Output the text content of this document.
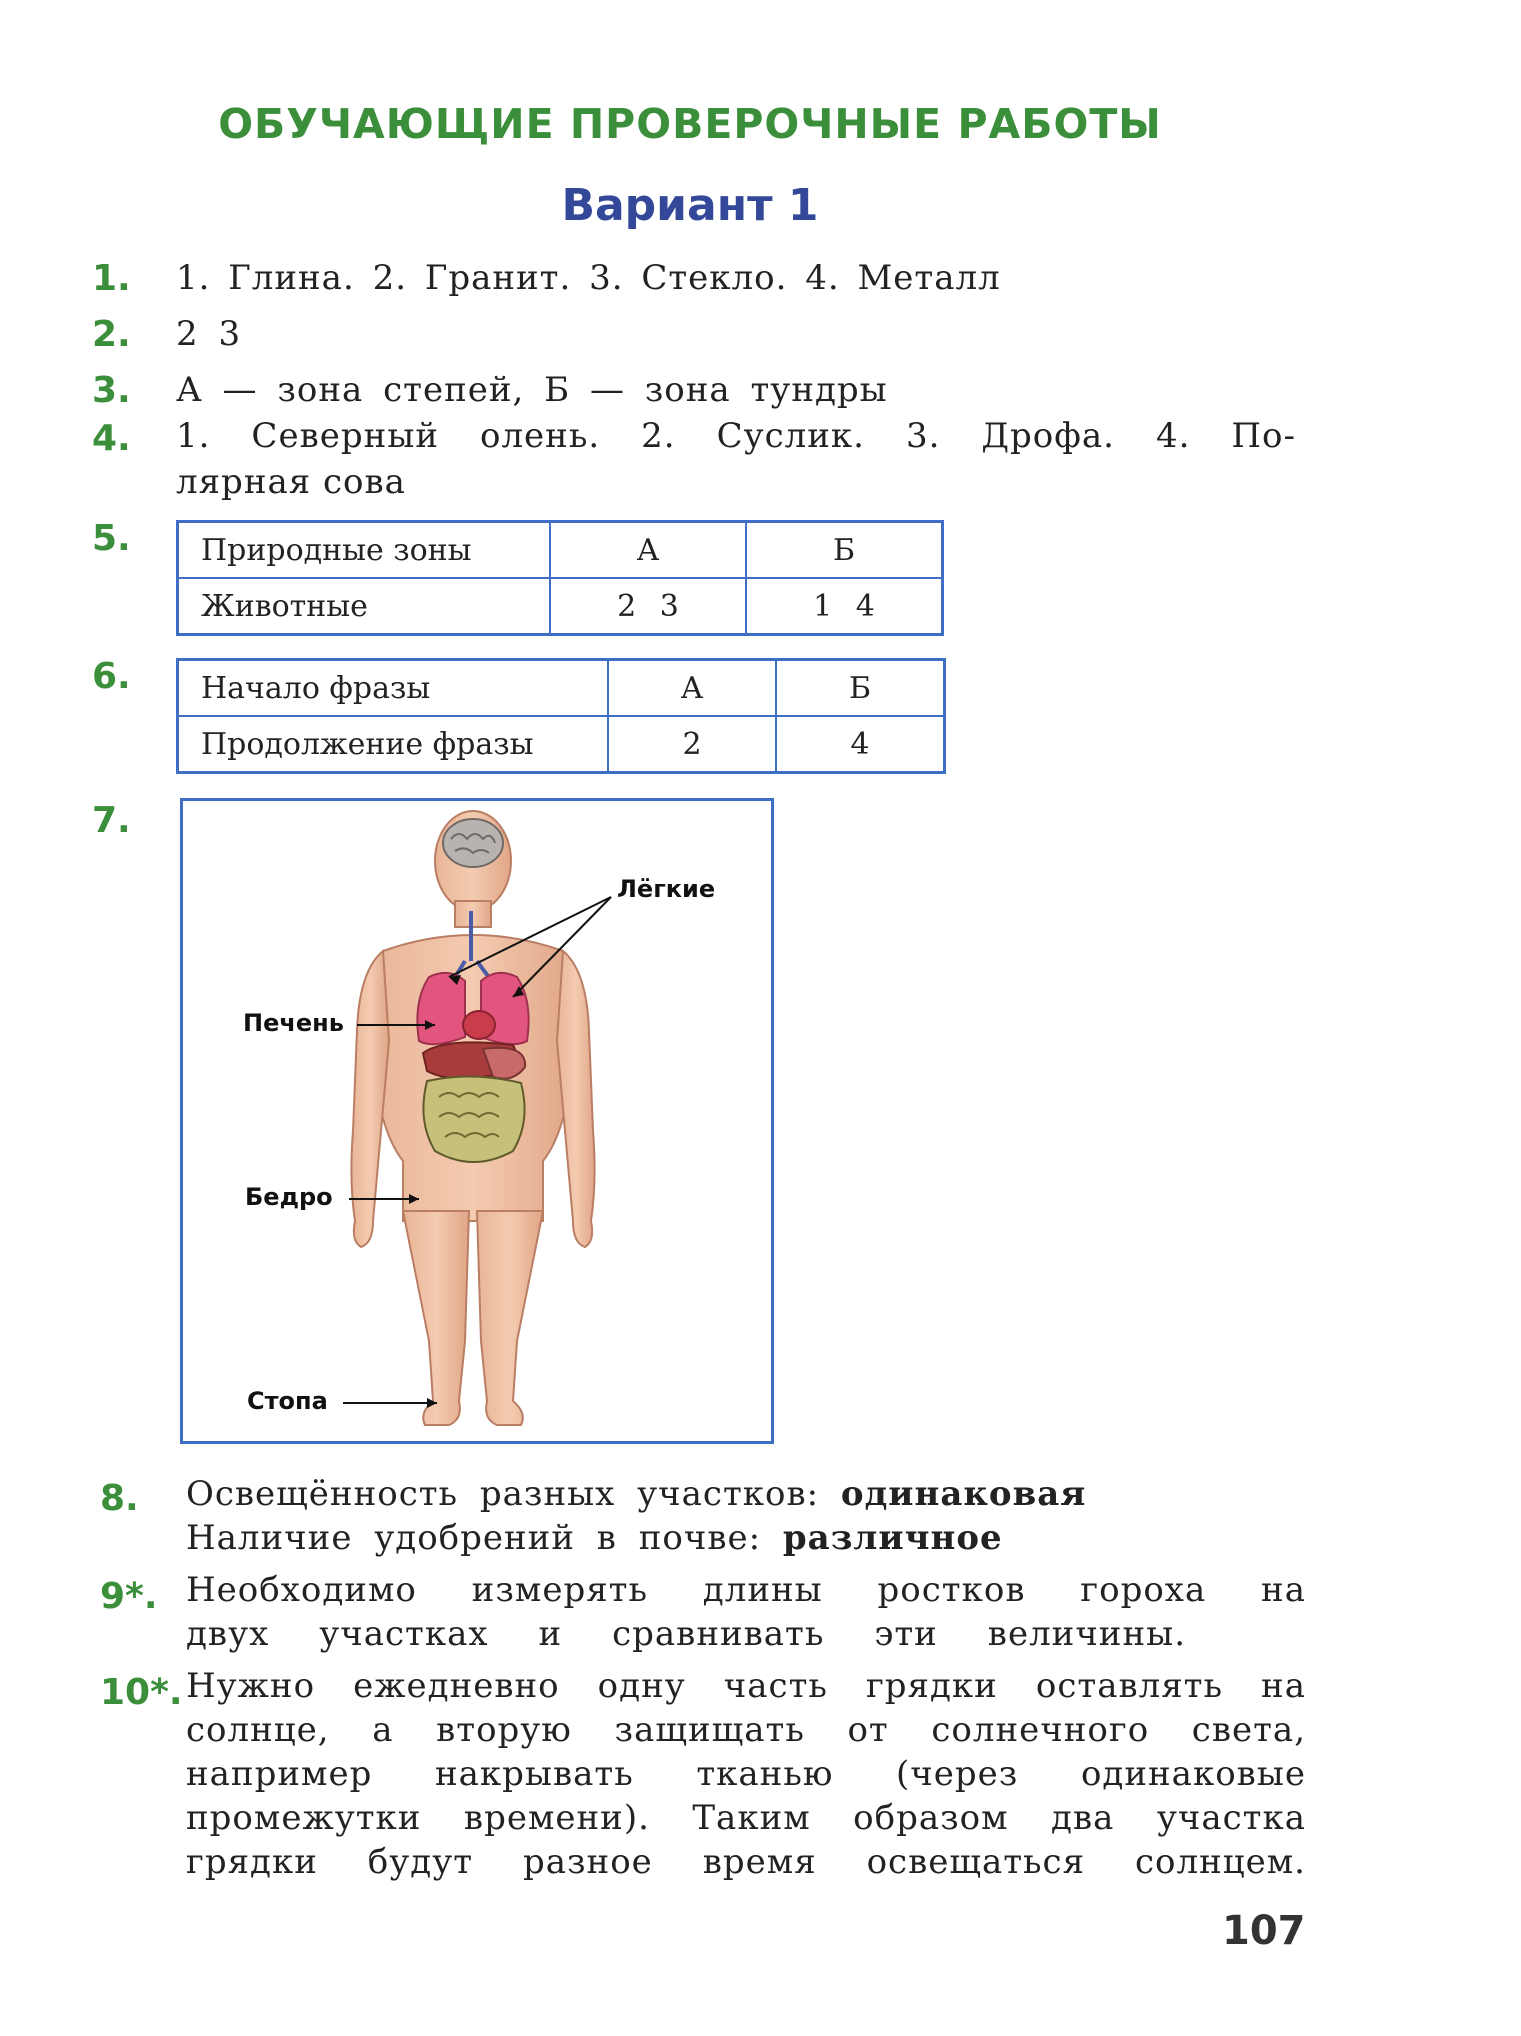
ОБУЧАЮЩИЕ ПРОВЕРОЧНЫЕ РАБОТЫ
Вариант 1
1. 1. Глина. 2. Гранит. 3. Стекло. 4. Металл
2. 2 3
3. А — зона степей, Б — зона тундры
4. 1. Северный олень. 2. Суслик. 3. Дрофа. 4. По-
лярная сова
5. Природные зоны	А	Б
Животные	2 3	1 4
6. Начало фразы	А	Б
Продолжение фразы	2	4
7.
Лёгкие
Печень
Бедро
Стопа
8. Освещённость разных участков: одинаковая
Наличие удобрений в почве: различное
9*. Необходимо измерять длины ростков гороха на
двух участках и сравнивать эти величины.
10*. Нужно ежедневно одну часть грядки оставлять на
солнце, а вторую защищать от солнечного света,
например накрывать тканью (через одинаковые
промежутки времени). Таким образом два участка
грядки будут разное время освещаться солнцем.
107
